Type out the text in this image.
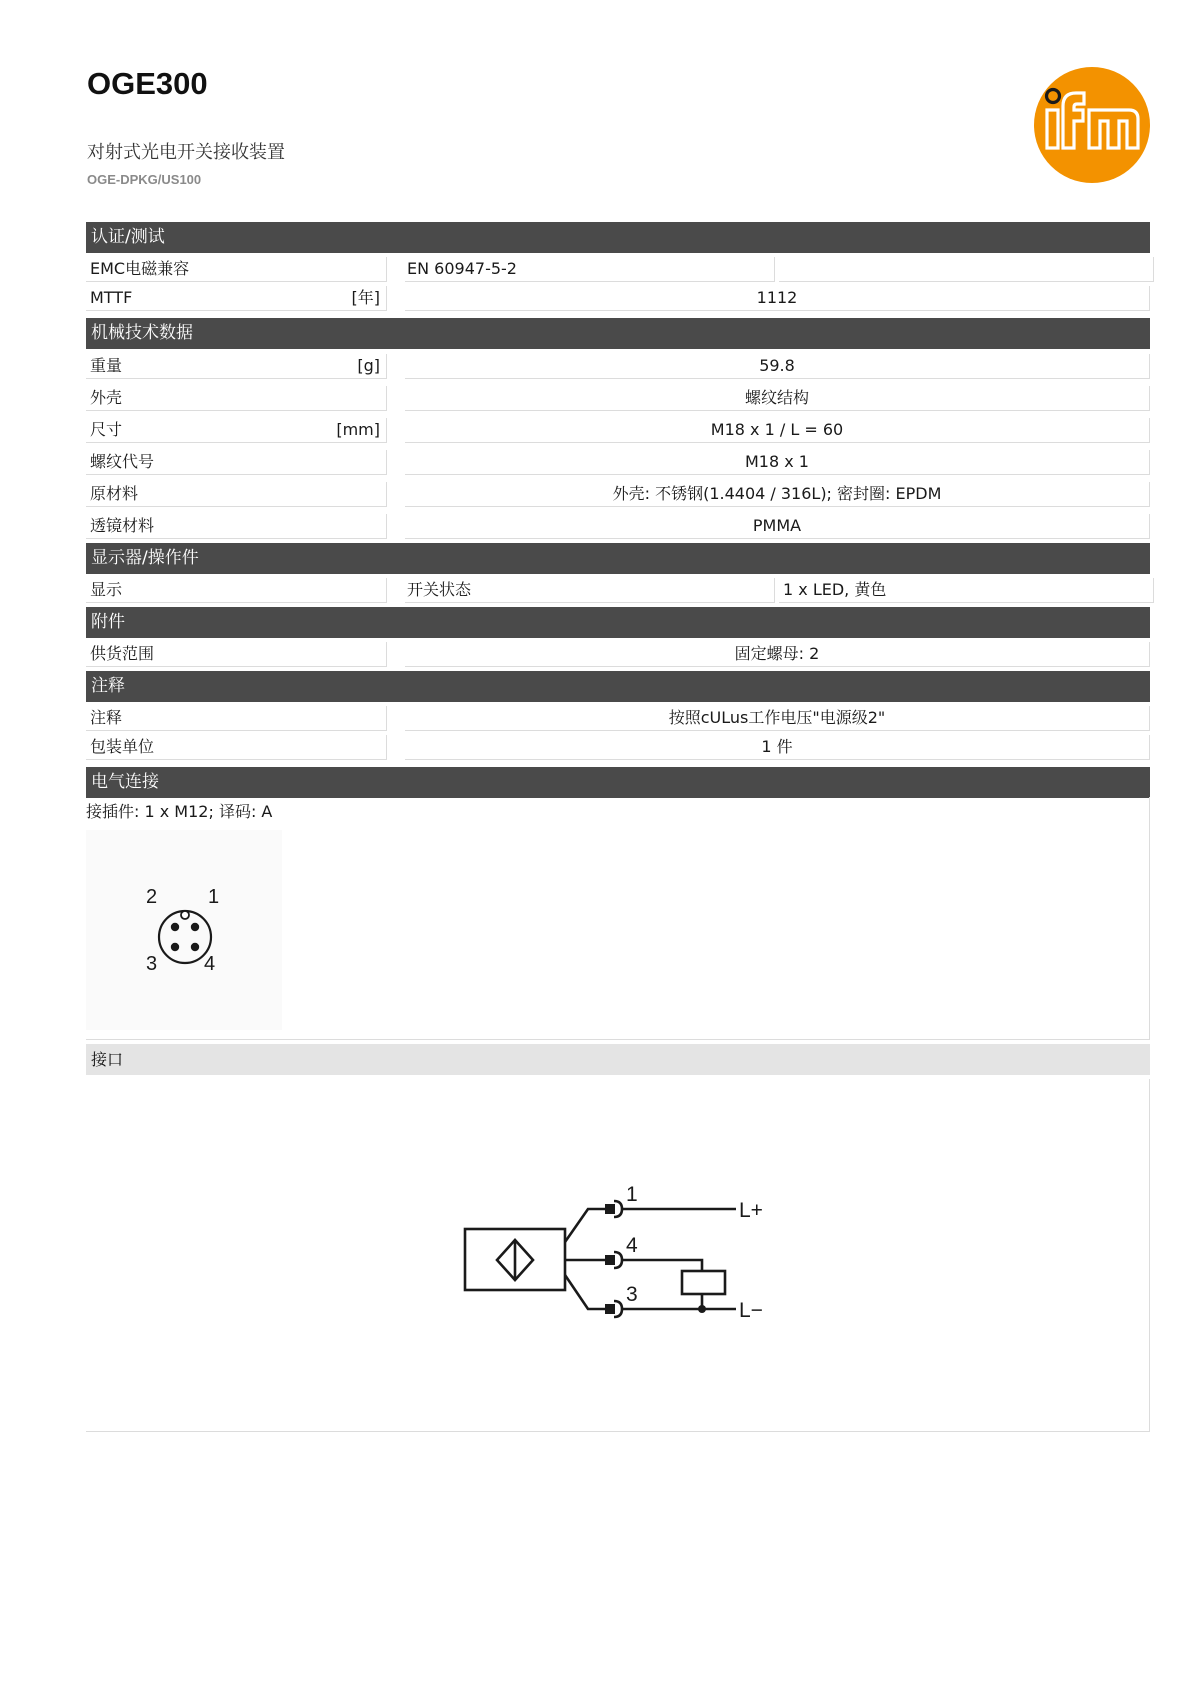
OGE300
对射式光电开关接收装置
OGE-DPKG/US100
认证/测试
EMC电磁兼容	EN 60947-5-2
MTTF	[年]	1112
机械技术数据
重量	[g]	59.8
外壳	螺纹结构
尺寸	[mm]	M18 x 1 / L = 60
螺纹代号	M18 x 1
原材料	外壳: 不锈钢(1.4404 / 316L); 密封圈: EPDM
透镜材料	PMMA
显示器/操作件
显示	开关状态	1 x LED, 黄色
附件
供货范围	固定螺母: 2
注释
注释	按照cULus工作电压"电源级2"
包装单位	1 件
电气连接
接插件: 1 x M12; 译码: A
2	1
3 4
接口
1
4
3
L+
L−
